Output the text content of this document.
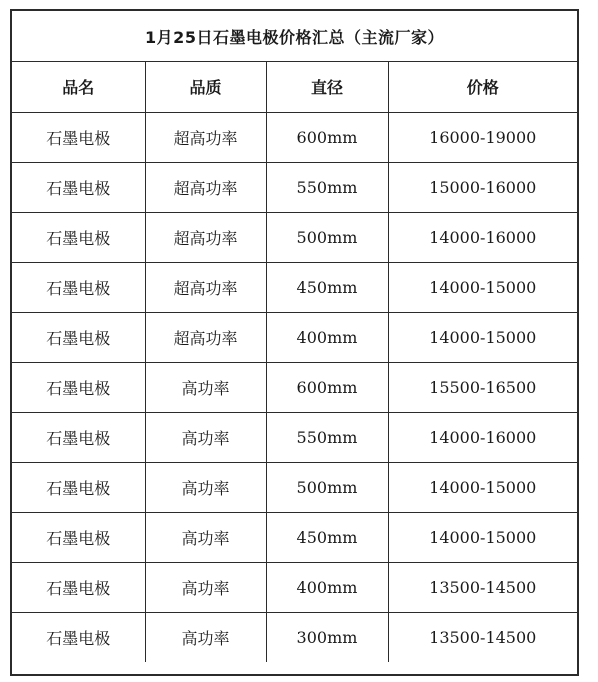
1月25日石墨电极价格汇总（主流厂家）
品名	品质	直径	价格
石墨电极	超高功率	600mm	16000-19000
石墨电极	超高功率	550mm	15000-16000
石墨电极	超高功率	500mm	14000-16000
石墨电极	超高功率	450mm	14000-15000
石墨电极	超高功率	400mm	14000-15000
石墨电极	高功率	600mm	15500-16500
石墨电极	高功率	550mm	14000-16000
石墨电极	高功率	500mm	14000-15000
石墨电极	高功率	450mm	14000-15000
石墨电极	高功率	400mm	13500-14500
石墨电极	高功率	300mm	13500-14500
